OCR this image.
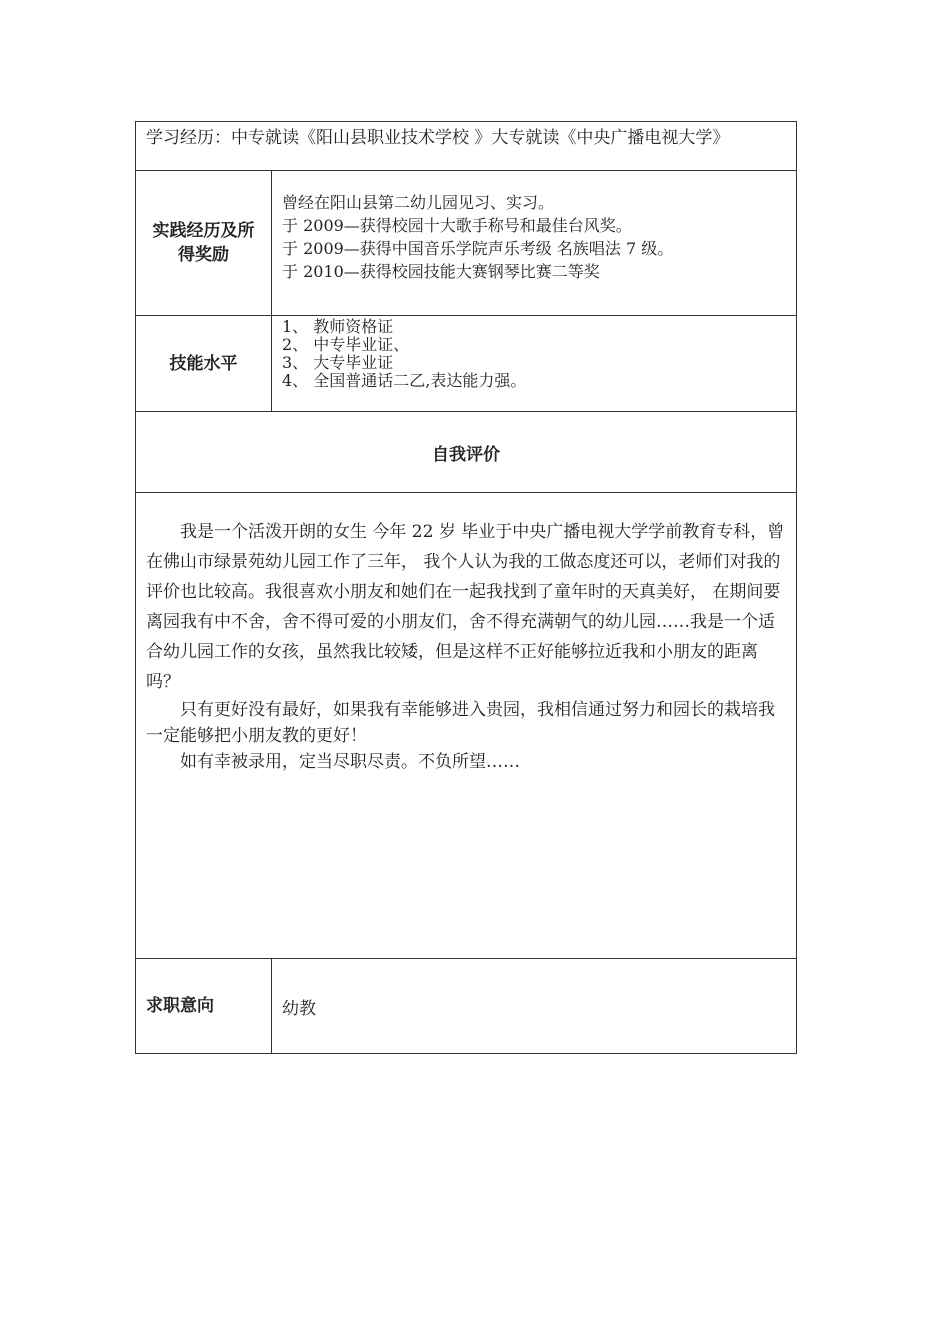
学习经历：中专就读《阳山县职业技术学校 》大专就读《中央广播电视大学》	

实践经历及所
得奖励	曾经在阳山县第二幼儿园见习、实习。
于 2009—获得校园十大歌手称号和最佳台风奖。
于 2009—获得中国音乐学院声乐考级 名族唱法 7 级。
于 2010—获得校园技能大赛钢琴比赛二等奖

技能水平	1、 教师资格证
2、 中专毕业证、
3、 大专毕业证
4、 全国普通话二乙,表达能力强。

自我评价	

我是一个活泼开朗的女生 今年 22 岁 毕业于中央广播电视大学学前教育专科，曾在佛山市绿景苑幼儿园工作了三年， 我个人认为我的工做态度还可以，老师们对我的评价也比较高。我很喜欢小朋友和她们在一起我找到了童年时的天真美好， 在期间要离园我有中不舍，舍不得可爱的小朋友们，舍不得充满朝气的幼儿园……我是一个适合幼儿园工作的女孩，虽然我比较矮，但是这样不正好能够拉近我和小朋友的距离吗？

只有更好没有最好，如果我有幸能够进入贵园，我相信通过努力和园长的栽培我一定能够把小朋友教的更好！

如有幸被录用，定当尽职尽责。不负所望……	

求职意向	幼教
